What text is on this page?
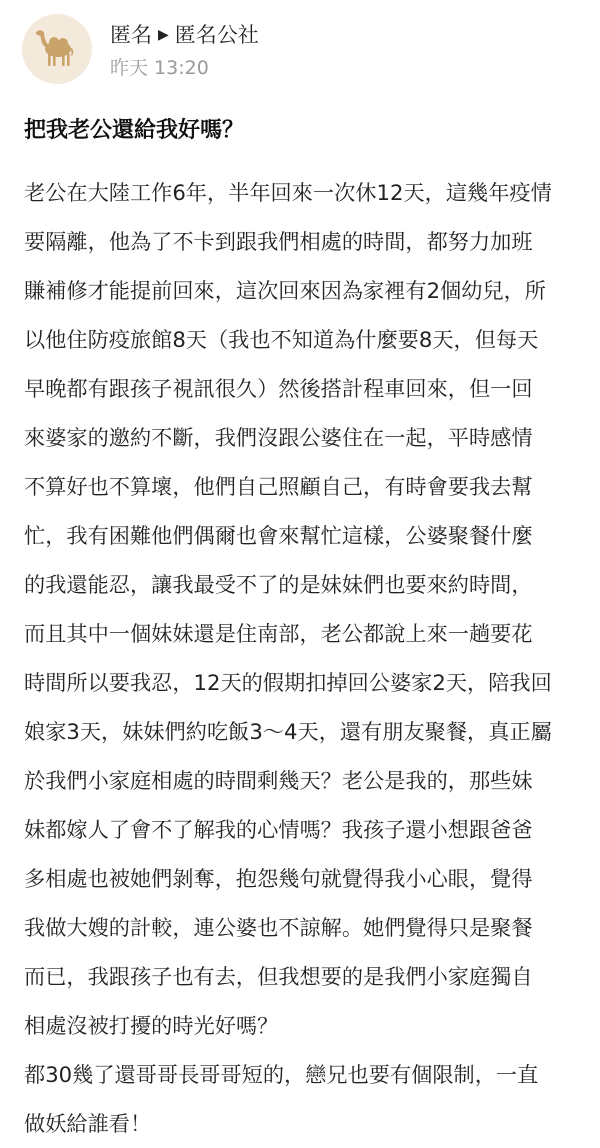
匿名 ▶ 匿名公社
昨天 13:20
把我老公還給我好嗎？
老公在大陸工作6年，半年回來一次休12天，這幾年疫情
要隔離，他為了不卡到跟我們相處的時間，都努力加班
賺補修才能提前回來，這次回來因為家裡有2個幼兒，所
以他住防疫旅館8天（我也不知道為什麼要8天，但每天
早晚都有跟孩子視訊很久）然後搭計程車回來，但一回
來婆家的邀約不斷，我們沒跟公婆住在一起，平時感情
不算好也不算壞，他們自己照顧自己，有時會要我去幫
忙，我有困難他們偶爾也會來幫忙這樣，公婆聚餐什麼
的我還能忍，讓我最受不了的是妹妹們也要來約時間，
而且其中一個妹妹還是住南部，老公都說上來一趟要花
時間所以要我忍，12天的假期扣掉回公婆家2天，陪我回
娘家3天，妹妹們約吃飯3～4天，還有朋友聚餐，真正屬
於我們小家庭相處的時間剩幾天？老公是我的，那些妹
妹都嫁人了會不了解我的心情嗎？我孩子還小想跟爸爸
多相處也被她們剝奪，抱怨幾句就覺得我小心眼，覺得
我做大嫂的計較，連公婆也不諒解。她們覺得只是聚餐
而已，我跟孩子也有去，但我想要的是我們小家庭獨自
相處沒被打擾的時光好嗎？
都30幾了還哥哥長哥哥短的，戀兄也要有個限制，一直
做妖給誰看！
